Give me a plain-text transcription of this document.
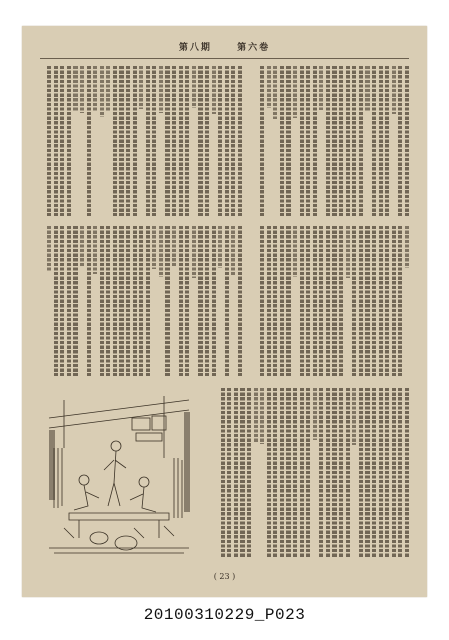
第八期	第六卷
( 23 )
20100310229_P023
